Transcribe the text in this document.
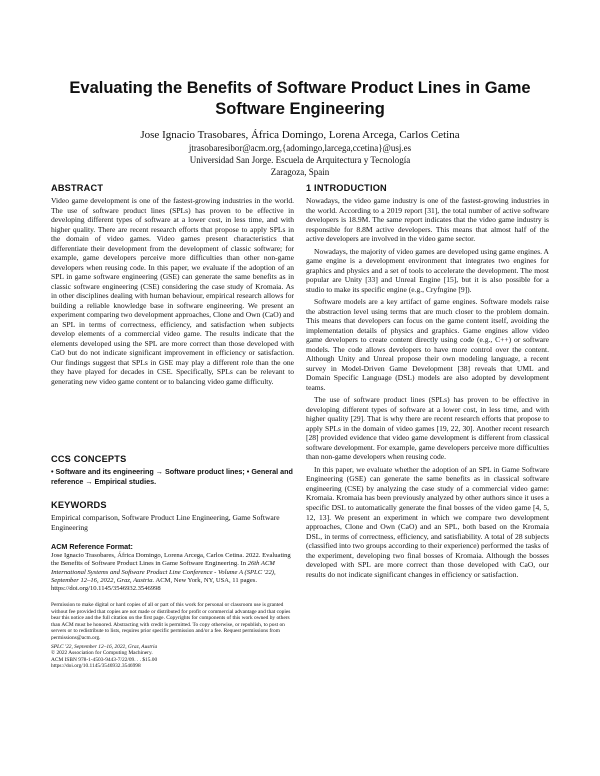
Evaluating the Benefits of Software Product Lines in Game Software Engineering
Jose Ignacio Trasobares, África Domingo, Lorena Arcega, Carlos Cetina
jtrasobaresibor@acm.org,{adomingo,larcega,ccetina}@usj.es
Universidad San Jorge. Escuela de Arquitectura y Tecnología
Zaragoza, Spain
ABSTRACT

Video game development is one of the fastest-growing industries in the world. The use of software product lines (SPLs) has proven to be effective in developing different types of software at a lower cost, in less time, and with higher quality. There are recent research efforts that propose to apply SPLs in the domain of video games. Video games present characteristics that differentiate their development from the development of classic software; for example, game developers perceive more difficulties than other non-game developers when reusing code. In this paper, we evaluate if the adoption of an SPL in game software engineering (GSE) can generate the same benefits as in classic software engineering (CSE) considering the case study of Kromaia. As in other disciplines dealing with human behaviour, empirical research allows for building a reliable knowledge base in software engineering. We present an experiment comparing two development approaches, Clone and Own (CaO) and an SPL in terms of correctness, efficiency, and satisfaction when subjects develop elements of a commercial video game. The results indicate that the elements developed using the SPL are more correct than those developed with CaO but do not indicate significant improvement in efficiency or satisfaction. Our findings suggest that SPLs in GSE may play a different role than the one they have played for decades in CSE. Specifically, SPLs can be relevant to generating new video game content or to balancing video game difficulty.

CCS CONCEPTS

• Software and its engineering → Software product lines; • General and reference → Empirical studies.

KEYWORDS

Empirical comparison, Software Product Line Engineering, Game Software Engineering

ACM Reference Format:

Jose Ignacio Trasobares, África Domingo, Lorena Arcega, Carlos Cetina. 2022. Evaluating the Benefits of Software Product Lines in Game Software Engineering. In 26th ACM International Systems and Software Product Line Conference - Volume A (SPLC '22), September 12–16, 2022, Graz, Austria. ACM, New York, NY, USA, 11 pages. https://doi.org/10.1145/3546932.3546998

Permission to make digital or hard copies of all or part of this work for personal or classroom use is granted without fee provided that copies are not made or distributed for profit or commercial advantage and that copies bear this notice and the full citation on the first page. Copyrights for components of this work owned by others than ACM must be honored. Abstracting with credit is permitted. To copy otherwise, or republish, to post on servers or to redistribute to lists, requires prior specific permission and/or a fee. Request permissions from permissions@acm.org.

SPLC '22, September 12–16, 2022, Graz, Austria

© 2022 Association for Computing Machinery.

ACM ISBN 978-1-4503-9443-7/22/09. . . $15.00

https://doi.org/10.1145/3546932.3546998

1 INTRODUCTION

Nowadays, the video game industry is one of the fastest-growing industries in the world. According to a 2019 report [31], the total number of active software developers is 18.9M. The same report indicates that the video game industry is responsible for 8.8M active developers. This means that almost half of the active developers are involved in the video game sector.

Nowadays, the majority of video games are developed using game engines. A game engine is a development environment that integrates two engines for graphics and physics and a set of tools to accelerate the development. The most popular are Unity [33] and Unreal Engine [15], but it is also possible for a studio to make its specific engine (e.g., Cryfngine [9]).

Software models are a key artifact of game engines. Software models raise the abstraction level using terms that are much closer to the problem domain. This means that developers can focus on the game content itself, avoiding the implementation details of physics and graphics. Game engines allow video game developers to create content directly using code (e.g., C++) or software models. The code allows developers to have more control over the content. Although Unity and Unreal propose their own modeling language, a recent survey in Model-Driven Game Development [38] reveals that UML and Domain Specific Language (DSL) models are also adopted by development teams.

The use of software product lines (SPLs) has proven to be effective in developing different types of software at a lower cost, in less time, and with higher quality [29]. That is why there are recent research efforts that propose to apply SPLs in the domain of video games [19, 22, 30]. Another recent research [28] provided evidence that video game development is different from classical software development. For example, game developers perceive more difficulties than non-game developers when reusing code.

In this paper, we evaluate whether the adoption of an SPL in Game Software Engineering (GSE) can generate the same benefits as in classical software engineering (CSE) by analyzing the case study of a commercial video game: Kromaia. Kromaia has been previously analyzed by other authors since it uses a specific DSL to automatically generate the final bosses of the video game [4, 5, 12, 13]. We present an experiment in which we compare two development approaches, Clone and Own (CaO) and an SPL, both based on the Kromaia DSL, in terms of correctness, efficiency, and satisfiability. A total of 28 subjects (classified into two groups according to their experience) performed the tasks of the experiment, developing two final bosses of Kromaia. Although the bosses developed with SPL are more correct than those developed with CaO, our results do not indicate significant changes in efficiency or satisfaction.
